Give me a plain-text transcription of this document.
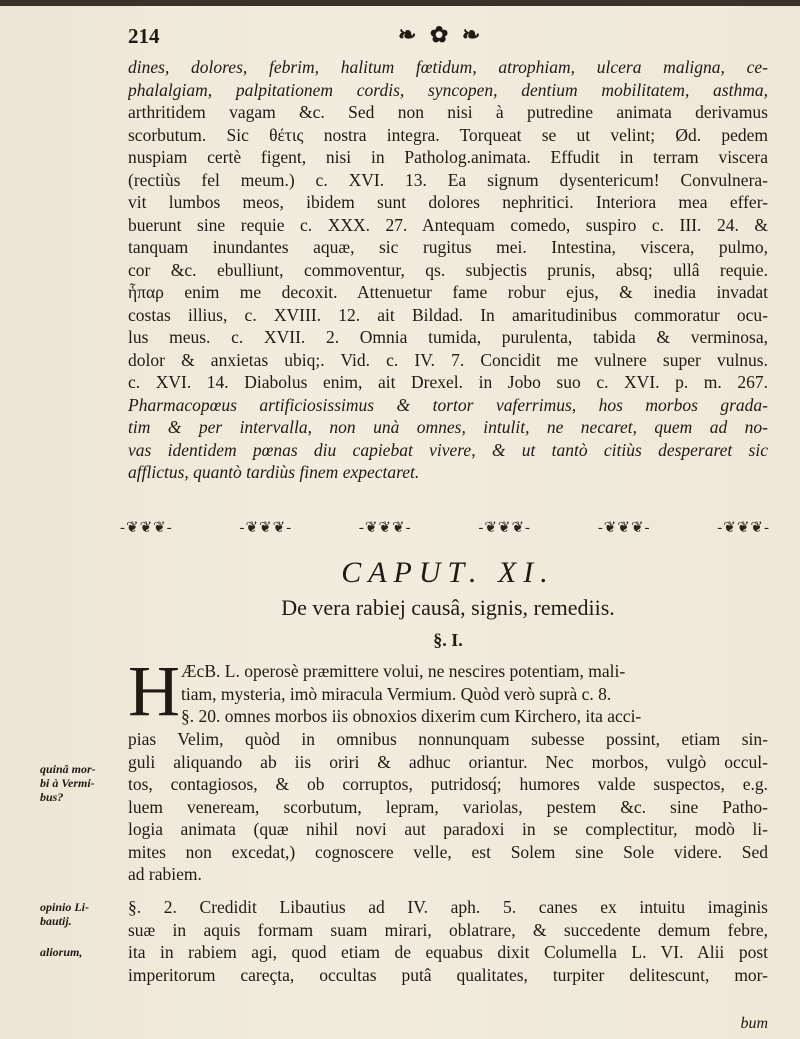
214	❧ ✿ ❧
dines, dolores, febrim, halitum fœtidum, atrophiam, ulcera maligna, ce-
phalalgiam, palpitationem cordis, syncopen, dentium mobilitatem, asthma,
arthritidem vagam &c. Sed non nisi à putredine animata derivamus
scorbutum. Sic θέτις nostra integra. Torqueat se ut velint; Ød. pedem
nuspiam certè figent, nisi in Patholog.animata. Effudit in terram viscera
(rectiùs fel meum.) c. XVI. 13. Ea signum dysentericum! Convulnera-
vit lumbos meos, ibidem sunt dolores nephritici. Interiora mea effer-
buerunt sine requie c. XXX. 27. Antequam comedo, suspiro c. III. 24. &
tanquam inundantes aquæ, sic rugitus mei. Intestina, viscera, pulmo,
cor &c. ebulliunt, commoventur, qs. subjectis prunis, absq; ullâ requie.
ἧπαρ enim me decoxit. Attenuetur fame robur ejus, & inedia invadat
costas illius, c. XVIII. 12. ait Bildad. In amaritudinibus commoratur ocu-
lus meus. c. XVII. 2. Omnia tumida, purulenta, tabida & verminosa,
dolor & anxietas ubiq;. Vid. c. IV. 7. Concidit me vulnere super vulnus.
c. XVI. 14. Diabolus enim, ait Drexel. in Jobo suo c. XVI. p. m. 267.
Pharmacopœus artificiosissimus & tortor vaferrimus, hos morbos grada-
tim & per intervalla, non unà omnes, intulit, ne necaret, quem ad no-
vas identidem pœnas diu capiebat vivere, & ut tantò citiùs desperaret sic
afflictus, quantò tardiùs finem expectaret.
-❦❦❦-	-❦❦❦-	-❦❦❦-	-❦❦❦-	-❦❦❦-	-❦❦❦-
CAPUT. XI.
De vera rabiej causâ, signis, remediis.
§. I.
H ÆcB. L. operosè præmittere volui, ne nescires potentiam, mali-
tiam, mysteria, imò miracula Vermium. Quòd verò suprà c. 8.
§. 20. omnes morbos iis obnoxios dixerim cum Kirchero, ita acci-
pias Velim, quòd in omnibus nonnunquam subesse possint, etiam sin-
guli aliquando ab iis oriri & adhuc oriantur. Nec morbos, vulgò occul-
tos, contagiosos, & ob corruptos, putridosq́; humores valde suspectos, e.g.
luem veneream, scorbutum, lepram, variolas, pestem &c. sine Patho-
logia animata (quæ nihil novi aut paradoxi in se complectitur, modò li-
mites non excedat,) cognoscere velle, est Solem sine Sole videre. Sed
ad rabiem.
§. 2. Credidit Libautius ad IV. aph. 5. canes ex intuitu imaginis
suæ in aquis formam suam mirari, oblatrare, & succedente demum febre,
ita in rabiem agi, quod etiam de equabus dixit Columella L. VI. Alii post
imperitorum careçta, occultas putâ qualitates, turpiter delitescunt, mor-
bum
quinâ mor-
bi à Vermi-
bus?
opinio Li-
bautij.
aliorum,
